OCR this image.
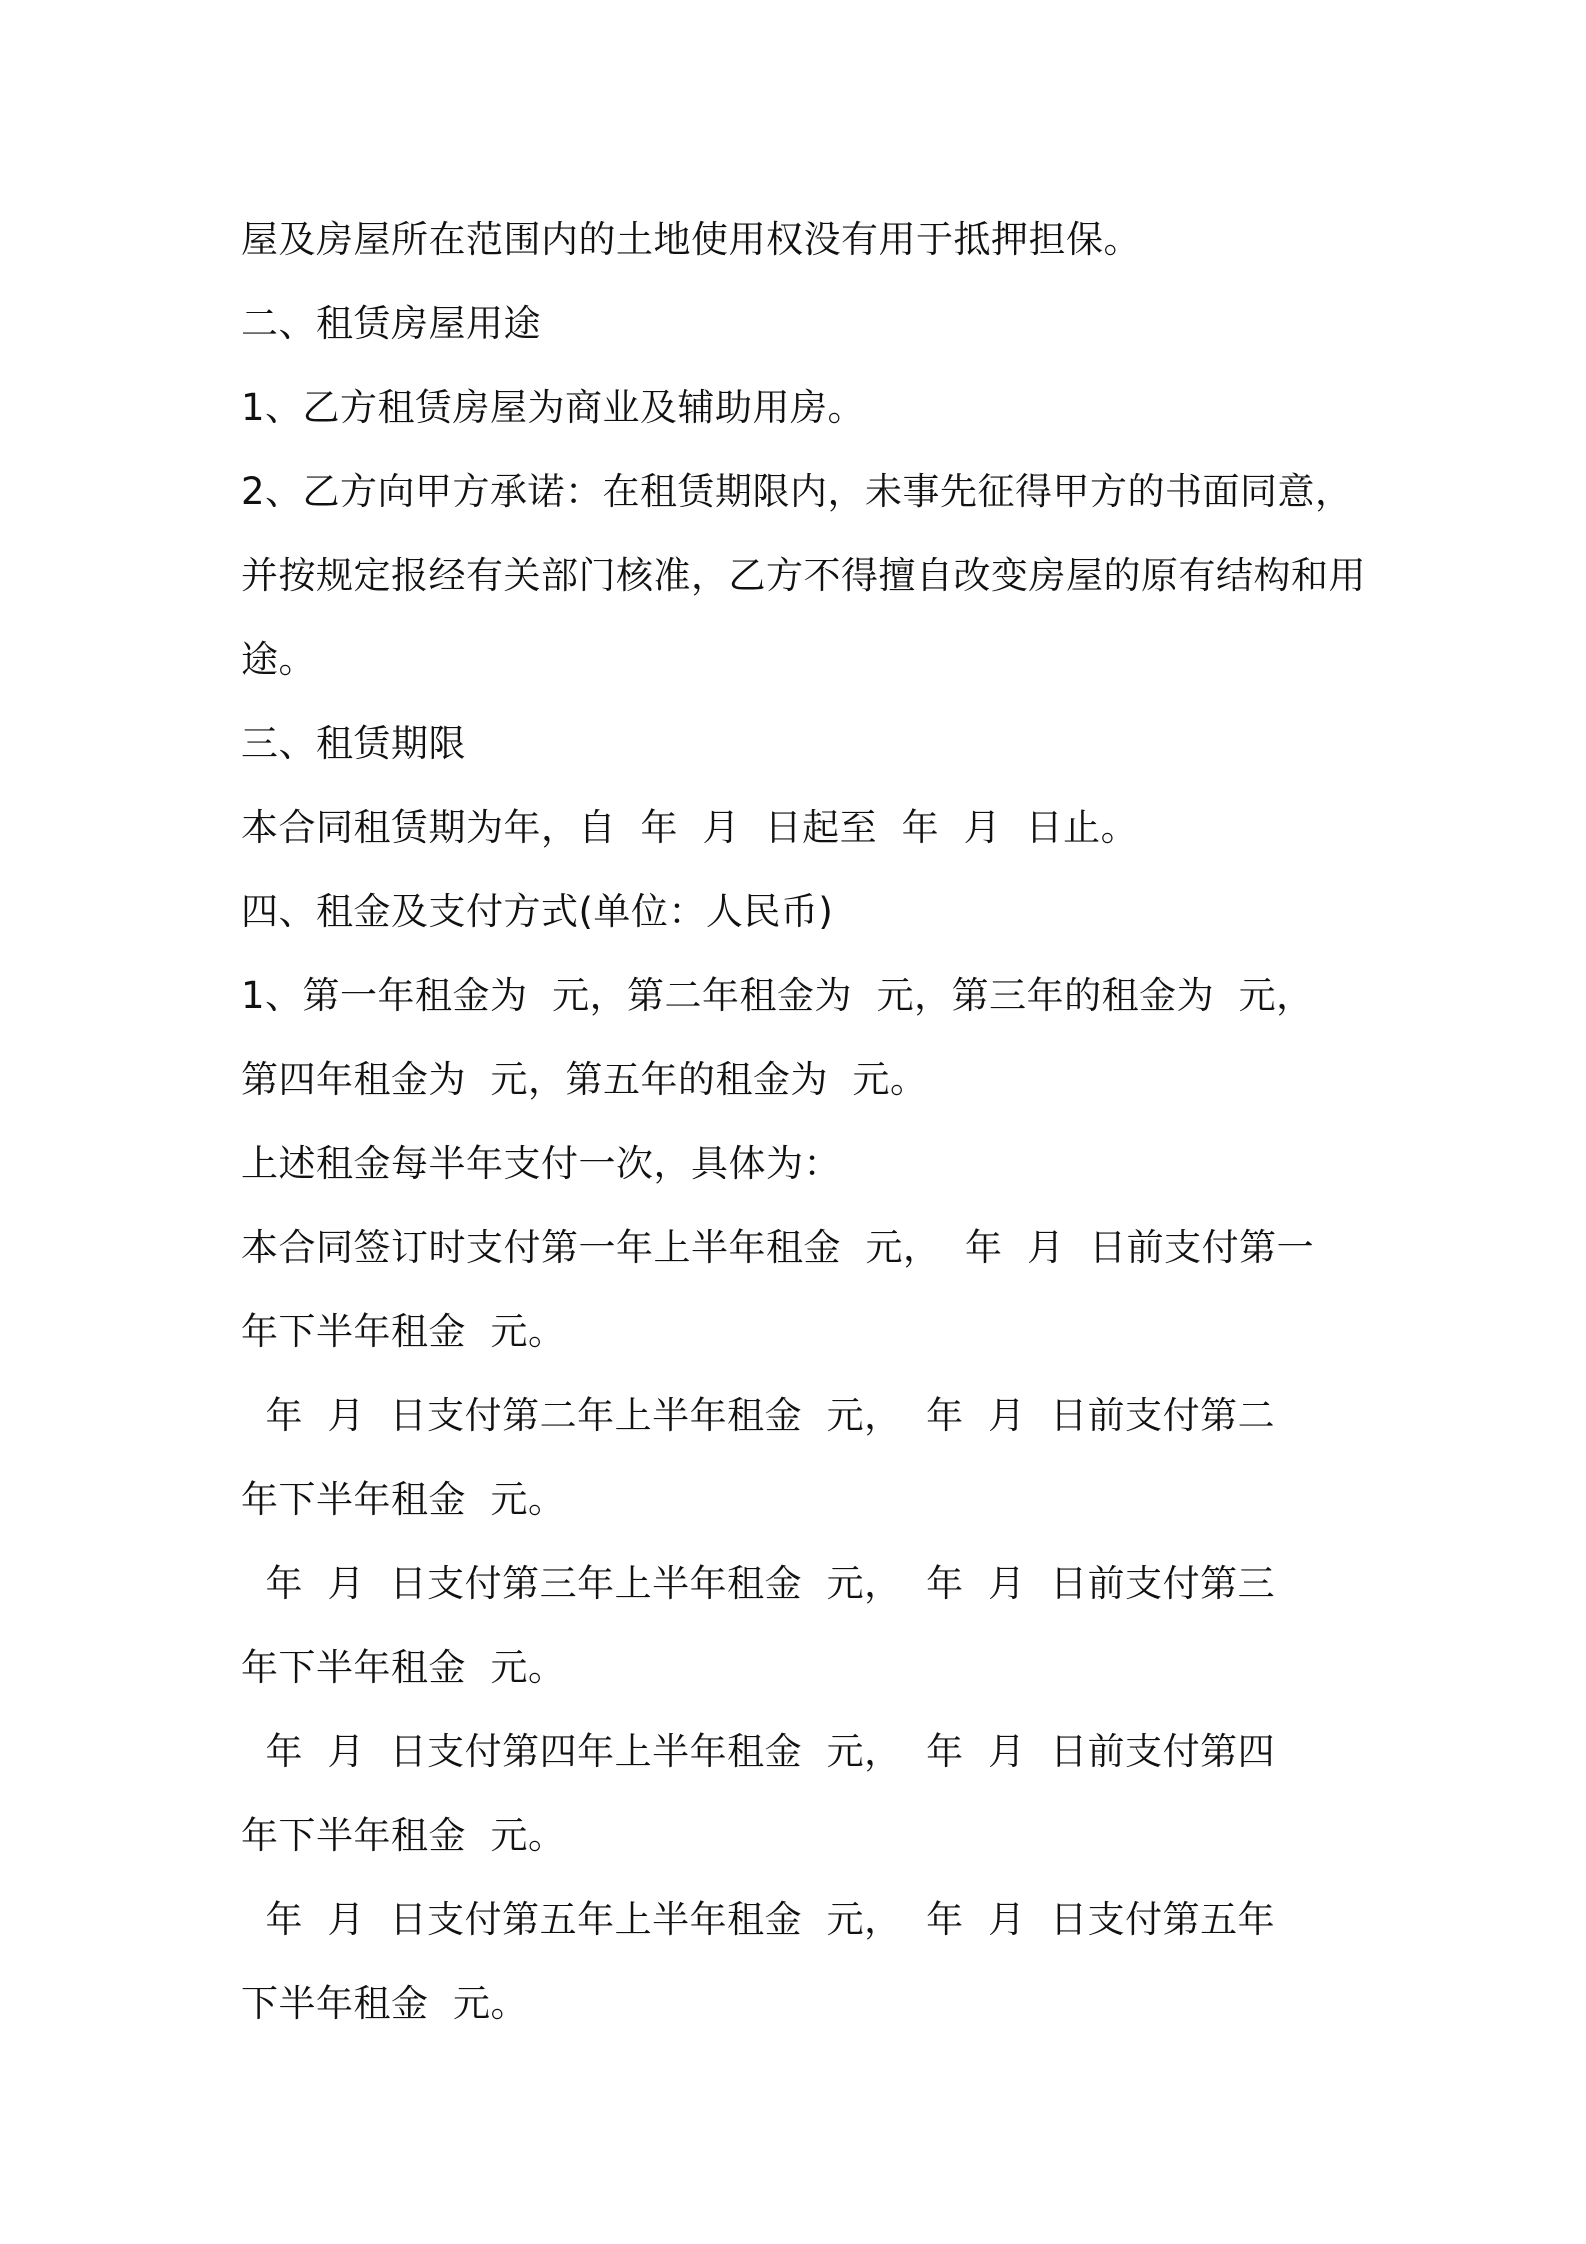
屋及房屋所在范围内的土地使用权没有用于抵押担保。

二、租赁房屋用途

1、乙方租赁房屋为商业及辅助用房。

2、乙方向甲方承诺：在租赁期限内，未事先征得甲方的书面同意，

并按规定报经有关部门核准，乙方不得擅自改变房屋的原有结构和用

途。

三、租赁期限

本合同租赁期为年，自  年  月  日起至  年  月  日止。

四、租金及支付方式(单位：人民币)

1、第一年租金为  元，第二年租金为  元，第三年的租金为  元，

第四年租金为  元，第五年的租金为  元。

上述租金每半年支付一次，具体为：

本合同签订时支付第一年上半年租金  元，  年  月  日前支付第一

年下半年租金  元。

年  月  日支付第二年上半年租金  元，  年  月  日前支付第二

年下半年租金  元。

年  月  日支付第三年上半年租金  元，  年  月  日前支付第三

年下半年租金  元。

年  月  日支付第四年上半年租金  元，  年  月  日前支付第四

年下半年租金  元。

年  月  日支付第五年上半年租金  元，  年  月  日支付第五年

下半年租金  元。
